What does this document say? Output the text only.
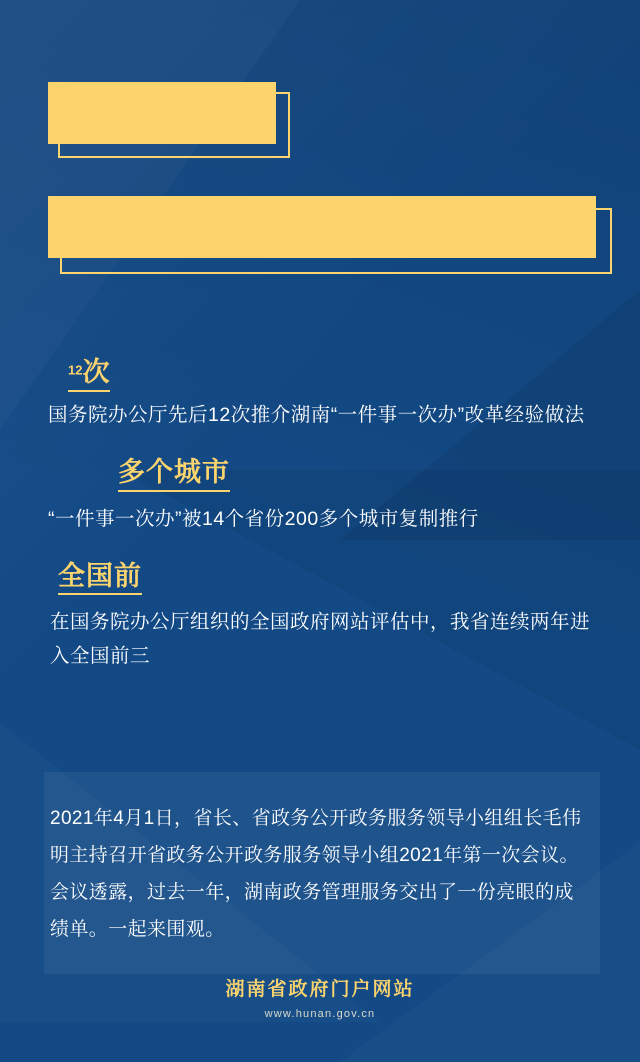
$^{12}$次
国务院办公厅先后12次推介湖南“一件事一次办”改革经验做法
多个城市
“一件事一次办”被14个省份200多个城市复制推行
全国前
在国务院办公厅组织的全国政府网站评估中，我省连续两年进入全国前三
2021年4月1日，省长、省政务公开政务服务领导小组组长毛伟明主持召开省政务公开政务服务领导小组2021年第一次会议。会议透露，过去一年，湖南政务管理服务交出了一份亮眼的成绩单。一起来围观。
湖南省政府门户网站
www.hunan.gov.cn
